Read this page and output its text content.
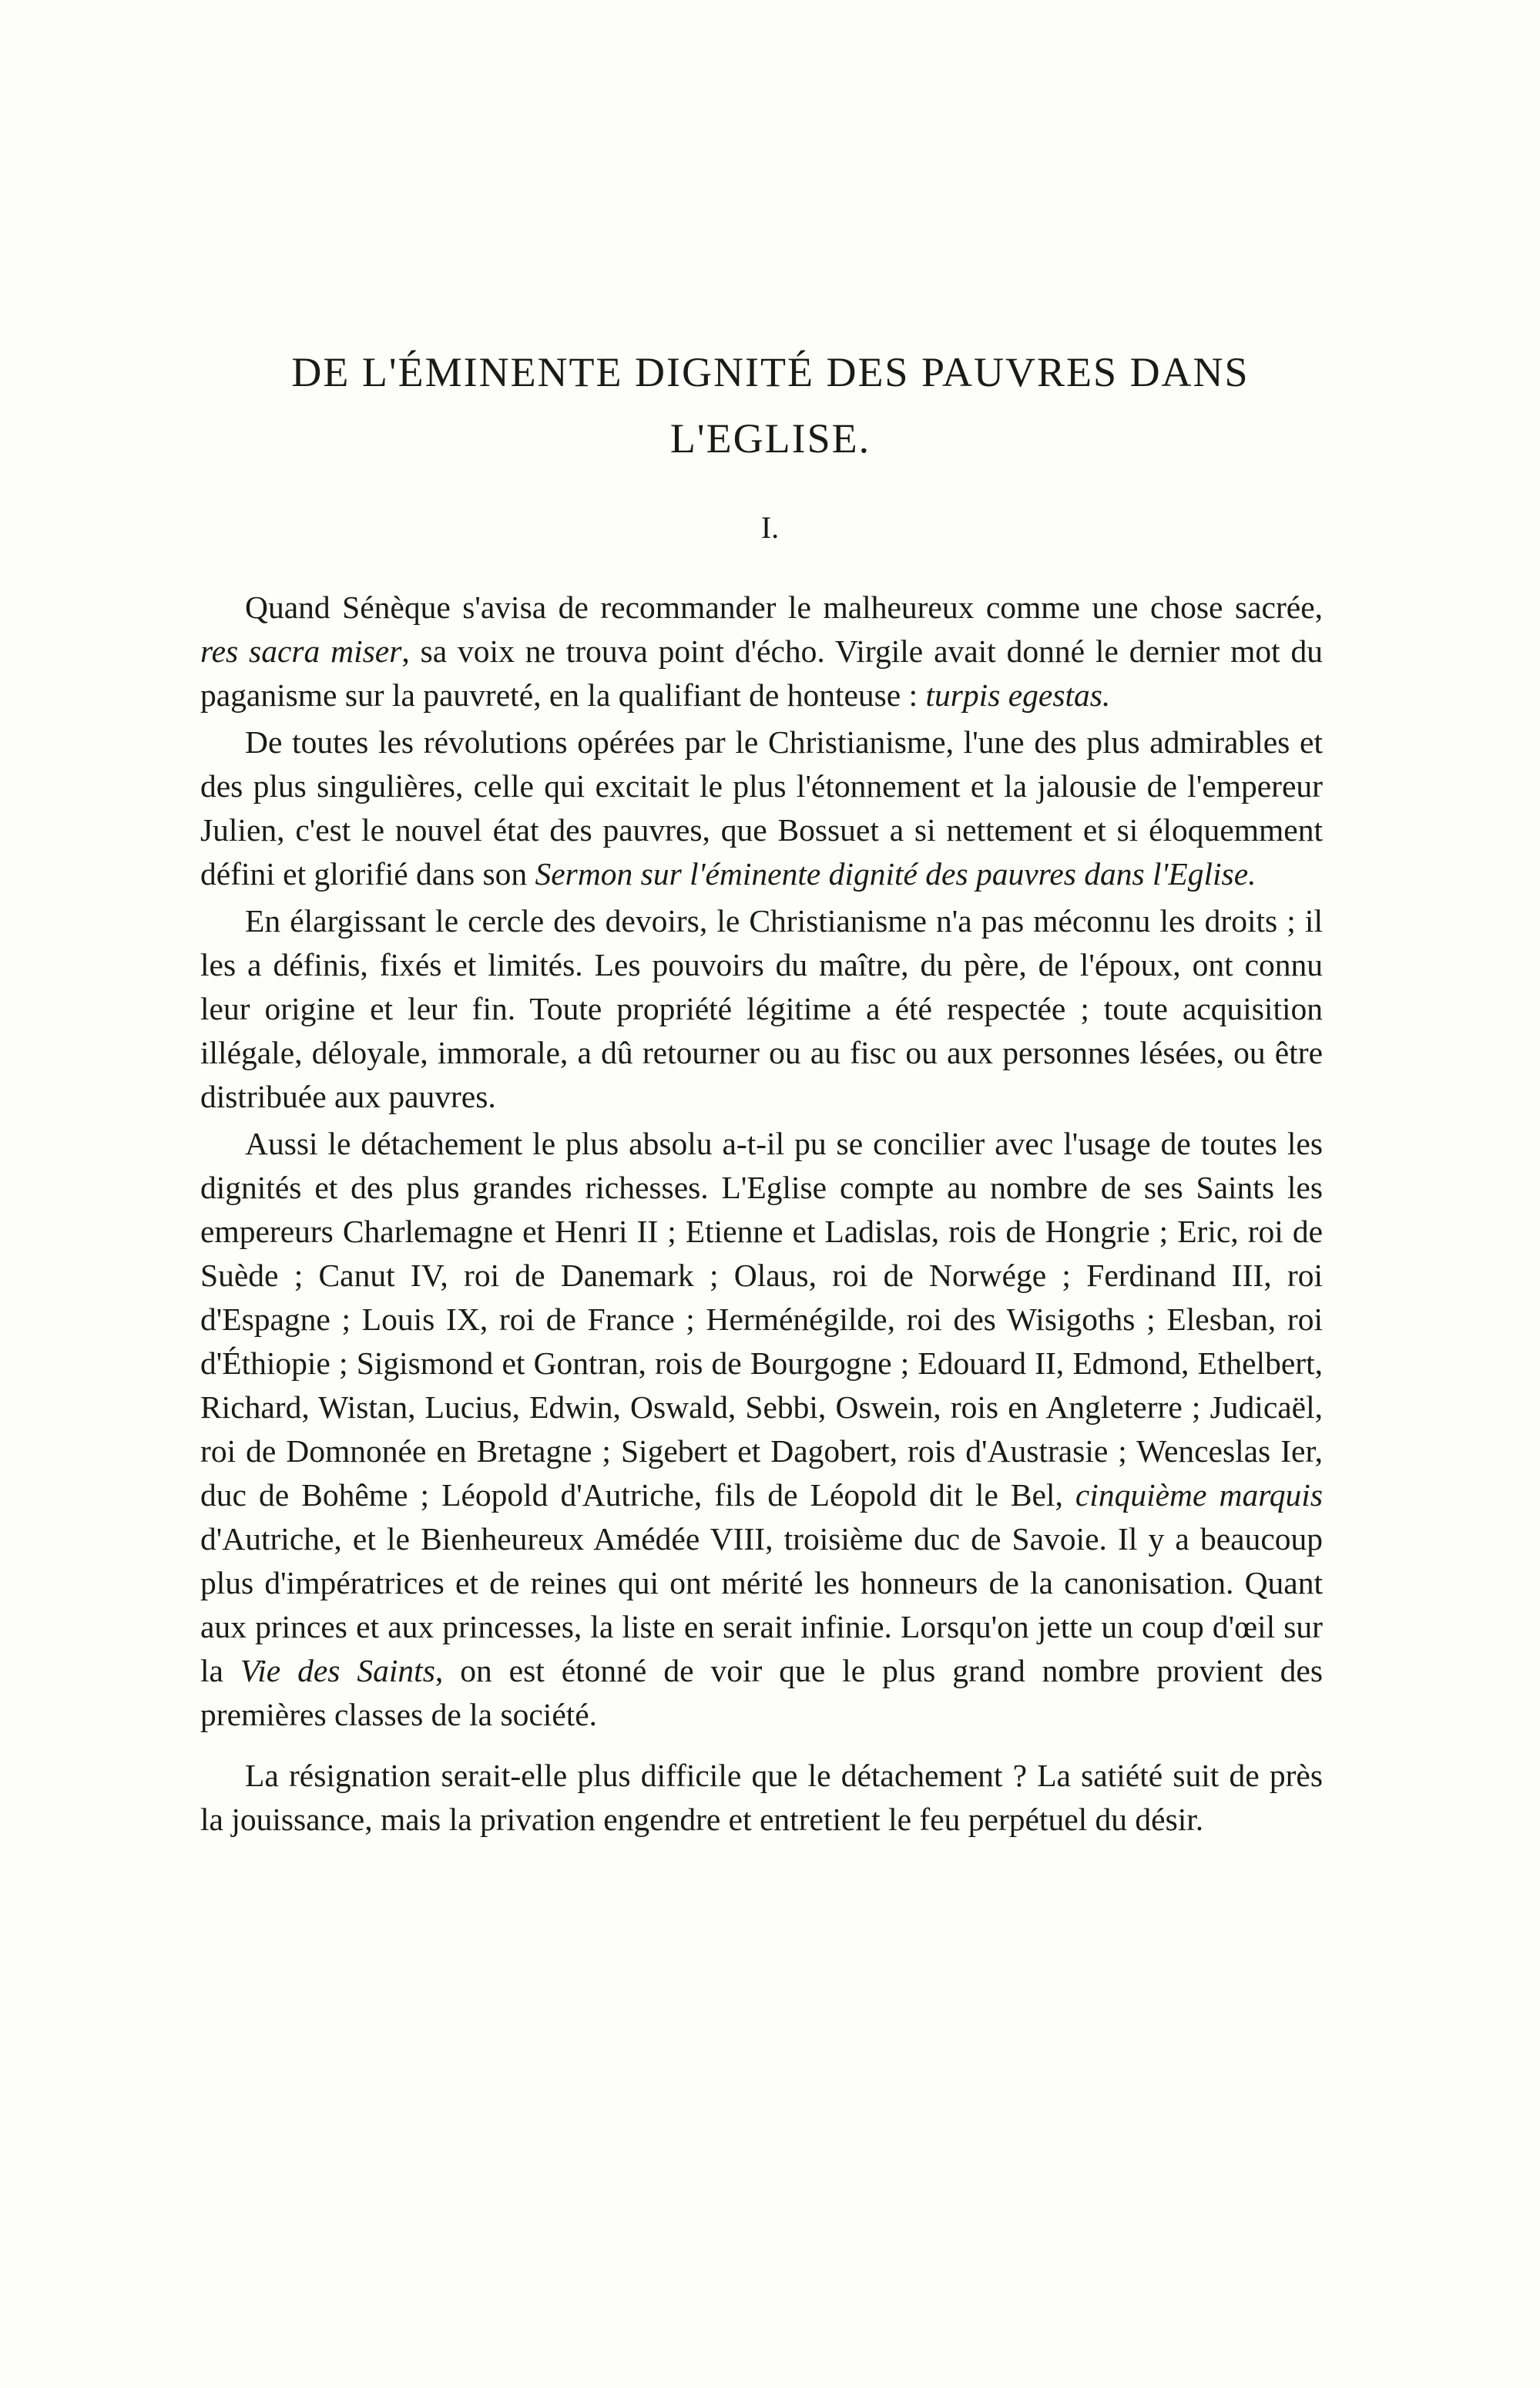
DE L'ÉMINENTE DIGNITÉ DES PAUVRES DANS
L'EGLISE.
I.

Quand Sénèque s'avisa de recommander le malheureux comme une chose sacrée, res sacra miser, sa voix ne trouva point d'écho. Virgile avait donné le dernier mot du paganisme sur la pauvreté, en la qualifiant de honteuse : turpis egestas.

De toutes les révolutions opérées par le Christianisme, l'une des plus admirables et des plus singulières, celle qui excitait le plus l'étonnement et la jalousie de l'empereur Julien, c'est le nouvel état des pauvres, que Bossuet a si nettement et si éloquemment défini et glorifié dans son Sermon sur l'éminente dignité des pauvres dans l'Eglise.

En élargissant le cercle des devoirs, le Christianisme n'a pas méconnu les droits ; il les a définis, fixés et limités. Les pouvoirs du maître, du père, de l'époux, ont connu leur origine et leur fin. Toute propriété légitime a été respectée ; toute acquisition illégale, déloyale, immorale, a dû retourner ou au fisc ou aux personnes lésées, ou être distribuée aux pauvres.

Aussi le détachement le plus absolu a-t-il pu se concilier avec l'usage de toutes les dignités et des plus grandes richesses. L'Eglise compte au nombre de ses Saints les empereurs Charlemagne et Henri II ; Etienne et Ladislas, rois de Hongrie ; Eric, roi de Suède ; Canut IV, roi de Danemark ; Olaus, roi de Norwége ; Ferdinand III, roi d'Espagne ; Louis IX, roi de France ; Herménégilde, roi des Wisigoths ; Elesban, roi d'Éthiopie ; Sigismond et Gontran, rois de Bourgogne ; Edouard II, Edmond, Ethelbert, Richard, Wistan, Lucius, Edwin, Oswald, Sebbi, Oswein, rois en Angleterre ; Judicaël, roi de Domnonée en Bretagne ; Sigebert et Dagobert, rois d'Austrasie ; Wenceslas Ier, duc de Bohême ; Léopold d'Autriche, fils de Léopold dit le Bel, cinquième marquis d'Autriche, et le Bienheureux Amédée VIII, troisième duc de Savoie. Il y a beaucoup plus d'impératrices et de reines qui ont mérité les honneurs de la canonisation. Quant aux princes et aux princesses, la liste en serait infinie. Lorsqu'on jette un coup d'œil sur la Vie des Saints, on est étonné de voir que le plus grand nombre provient des premières classes de la société.

La résignation serait-elle plus difficile que le détachement ? La satiété suit de près la jouissance, mais la privation engendre et entretient le feu perpétuel du désir.
